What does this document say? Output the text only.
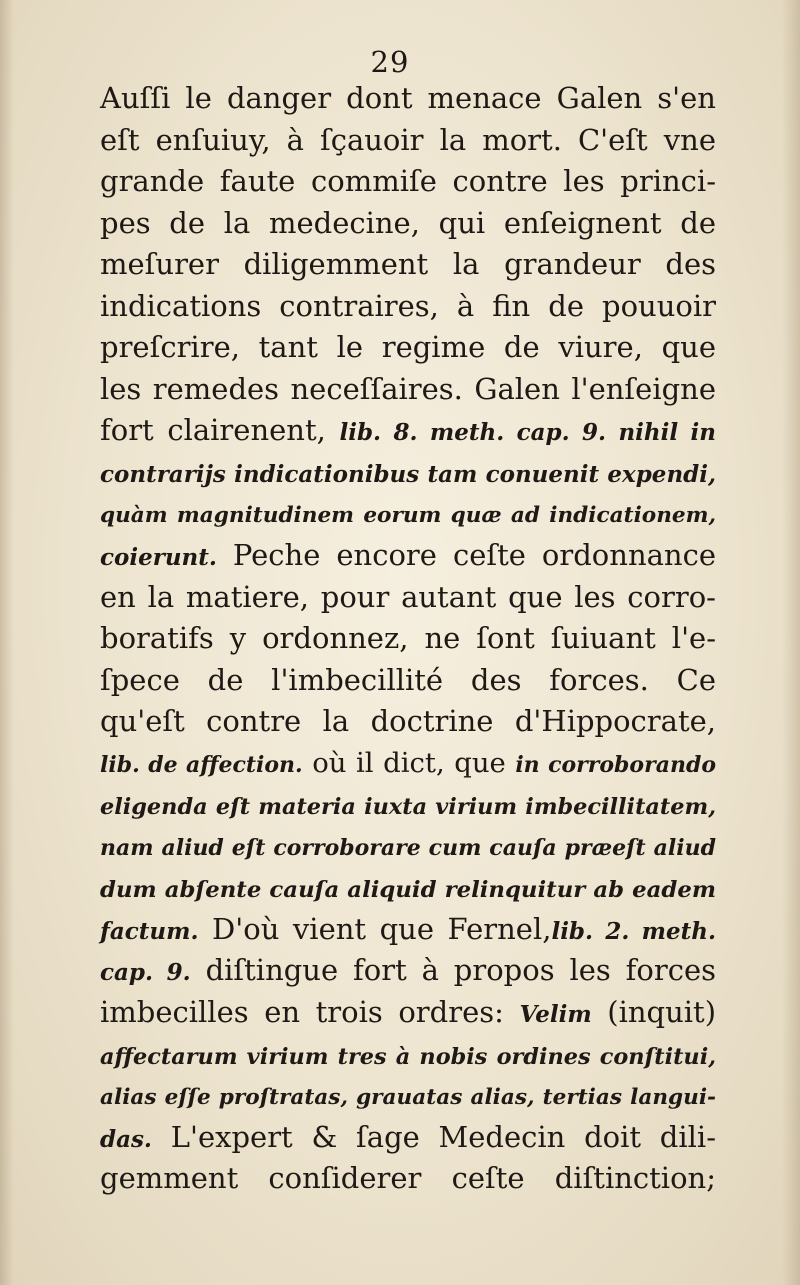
29
Auſſi le danger dont menace Galen s'en
eſt enſuiuy, à ſçauoir la mort. C'eſt vne
grande faute commiſe contre les princi-
pes de la medecine, qui enſeignent de
meſurer diligemment la grandeur des
indications contraires, à fin de pouuoir
preſcrire, tant le regime de viure, que
les remedes neceſſaires. Galen l'enſeigne
fort clairenent, lib. 8. meth. cap. 9. nihil in
contrarijs indicationibus tam conuenit expendi,
quàm magnitudinem eorum quæ ad indicationem,
coierunt. Peche encore ceſte ordonnance
en la matiere, pour autant que les corro-
boratifs y ordonnez, ne ſont ſuiuant l'e-
ſpece de l'imbecillité des forces. Ce
qu'eſt contre la doctrine d'Hippocrate,
lib. de affection. où il dict, que in corroborando
eligenda eſt materia iuxta virium imbecillitatem,
nam aliud eſt corroborare cum cauſa præeſt aliud
dum abſente cauſa aliquid relinquitur ab eadem
factum. D'où vient que Fernel,lib. 2. meth.
cap. 9. diſtingue fort à propos les forces
imbecilles en trois ordres: Velim (inquit)
affectarum virium tres à nobis ordines conſtitui,
alias eſſe proſtratas, grauatas alias, tertias langui-
das. L'expert & ſage Medecin doit dili-
gemment conſiderer ceſte diſtinction;
